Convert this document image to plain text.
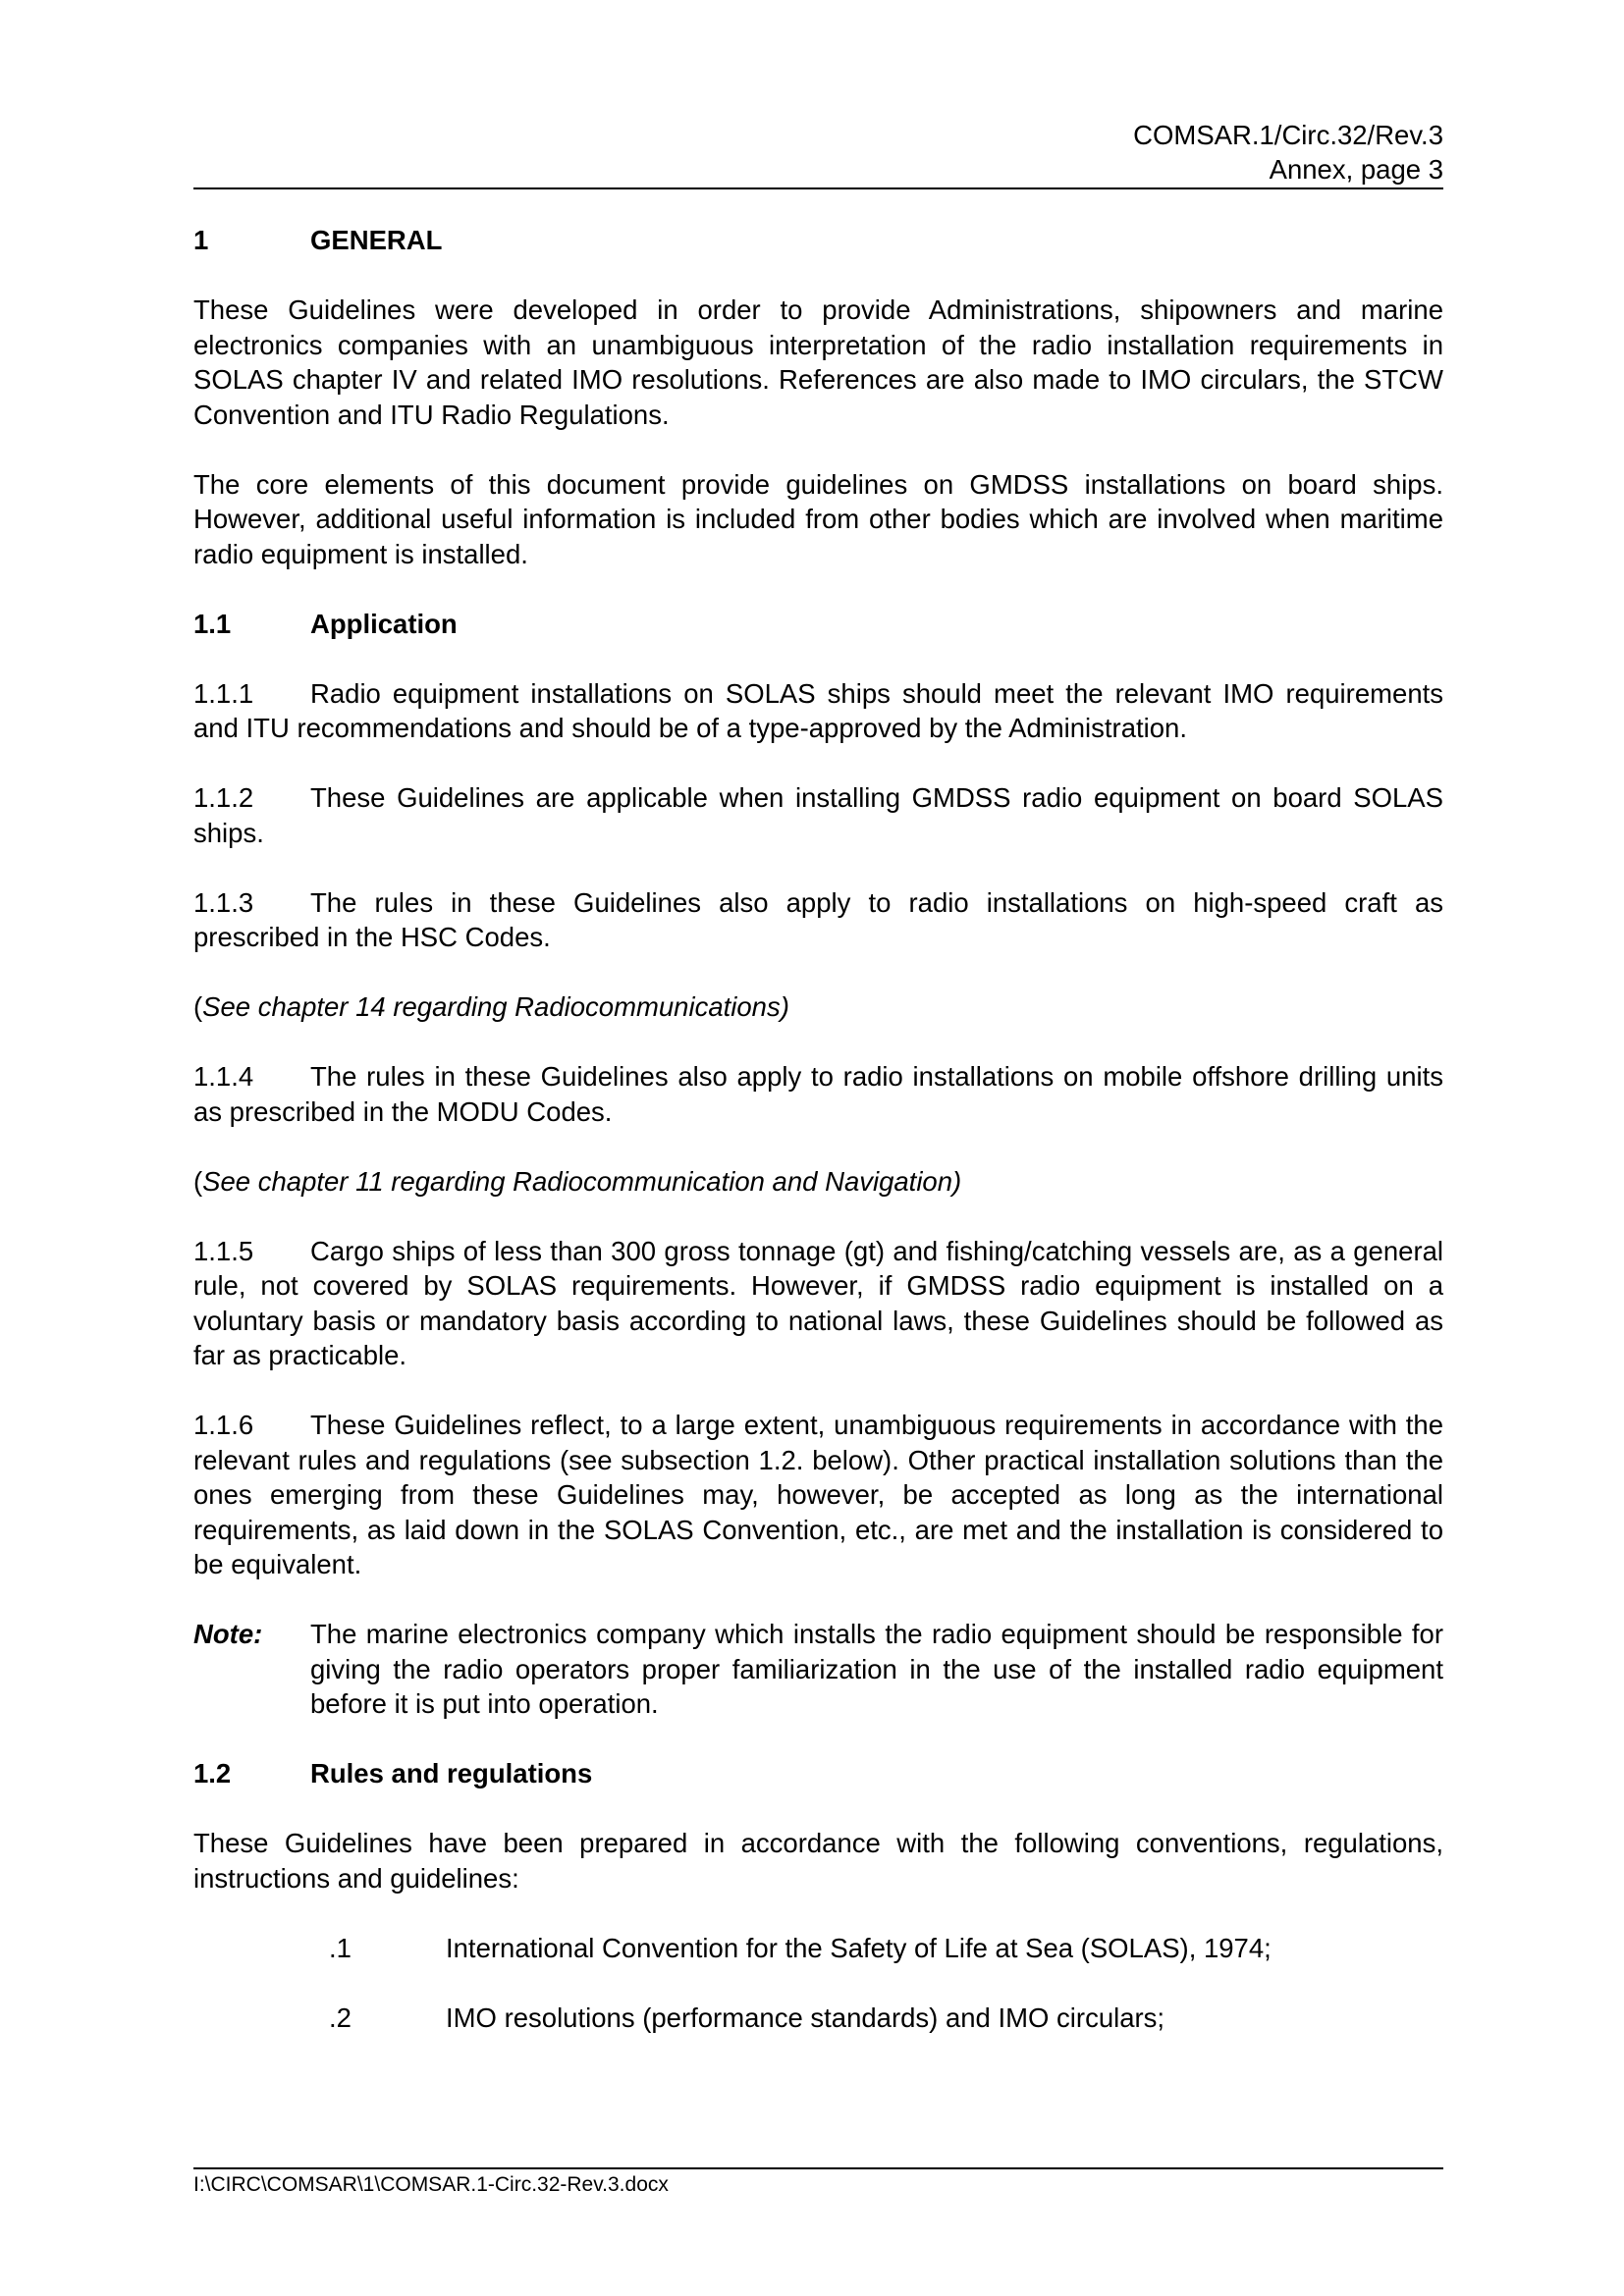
COMSAR.1/Circ.32/Rev.3
Annex, page 3
1	GENERAL

These Guidelines were developed in order to provide Administrations, shipowners and marine electronics companies with an unambiguous interpretation of the radio installation requirements in SOLAS chapter IV and related IMO resolutions. References are also made to IMO circulars, the STCW Convention and ITU Radio Regulations.

The core elements of this document provide guidelines on GMDSS installations on board ships. However, additional useful information is included from other bodies which are involved when maritime radio equipment is installed.

1.1	Application

1.1.1 Radio equipment installations on SOLAS ships should meet the relevant IMO requirements and ITU recommendations and should be of a type-approved by the Administration.

1.1.2 These Guidelines are applicable when installing GMDSS radio equipment on board SOLAS ships.

1.1.3 The rules in these Guidelines also apply to radio installations on high-speed craft as prescribed in the HSC Codes.

(See chapter 14 regarding Radiocommunications)

1.1.4 The rules in these Guidelines also apply to radio installations on mobile offshore drilling units as prescribed in the MODU Codes.

(See chapter 11 regarding Radiocommunication and Navigation)

1.1.5 Cargo ships of less than 300 gross tonnage (gt) and fishing/catching vessels are, as a general rule, not covered by SOLAS requirements. However, if GMDSS radio equipment is installed on a voluntary basis or mandatory basis according to national laws, these Guidelines should be followed as far as practicable.

1.1.6 These Guidelines reflect, to a large extent, unambiguous requirements in accordance with the relevant rules and regulations (see subsection 1.2. below). Other practical installation solutions than the ones emerging from these Guidelines may, however, be accepted as long as the international requirements, as laid down in the SOLAS Convention, etc., are met and the installation is considered to be equivalent.

Note:	The marine electronics company which installs the radio equipment should be responsible for giving the radio operators proper familiarization in the use of the installed radio equipment before it is put into operation.
1.2	Rules and regulations

These Guidelines have been prepared in accordance with the following conventions, regulations, instructions and guidelines:

.1	International Convention for the Safety of Life at Sea (SOLAS), 1974;
.2	IMO resolutions (performance standards) and IMO circulars;
I:\CIRC\COMSAR\1\COMSAR.1-Circ.32-Rev.3.docx
